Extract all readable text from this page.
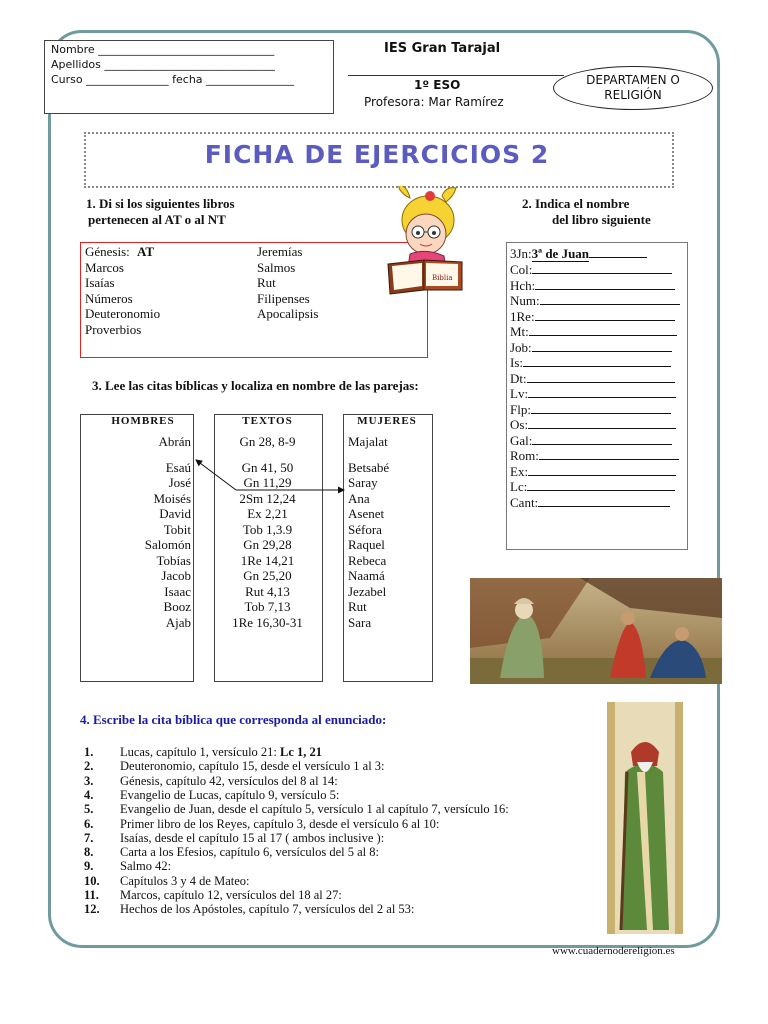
Nombre ________________________________
Apellidos _______________________________
Curso _______________ fecha ________________
IES Gran Tarajal
1º ESO
Profesora: Mar Ramírez
DEPARTAMEN O
RELIGIÓN
FICHA DE EJERCICIOS 2
1. Di si los siguientes libros
pertenecen al AT o al NT
Génesis: AT
Marcos
Isaías
Números
Deuteronomio
Proverbios
Jeremías
Salmos
Rut
Filipenses
Apocalipsis
Biblia
2. Indica el nombre
del libro siguiente
3Jn:3ª de Juan
Col:
Hch:
Num:
1Re:
Mt:
Job:
Is:
Dt:
Lv:
Flp:
Os:
Gal:
Rom:
Ex:
Lc:
Cant:
3. Lee las citas bíblicas y localiza en nombre de las parejas:
HOMBRES	TEXTOS	MUJERES
Abrán
Esaú
José
Moisés
David
Tobit
Salomón
Tobías
Jacob
Isaac
Booz
Ajab
Gn 28, 8-9
Gn 41, 50
Gn 11,29
2Sm 12,24
Ex 2,21
Tob 1,3.9
Gn 29,28
1Re 14,21
Gn 25,20
Rut 4,13
Tob 7,13
1Re 16,30-31
Majalat
Betsabé
Saray
Ana
Asenet
Séfora
Raquel
Rebeca
Naamá
Jezabel
Rut
Sara
4. Escribe la cita bíblica que corresponda al enunciado:
1. Lucas, capítulo 1, versículo 21: Lc 1, 21
2. Deuteronomio, capítulo 15, desde el versículo 1 al 3:
3. Génesis, capítulo 42, versículos del 8 al 14:
4. Evangelio de Lucas, capítulo 9, versículo 5:
5. Evangelio de Juan, desde el capítulo 5, versículo 1 al capítulo 7, versículo 16:
6. Primer libro de los Reyes, capítulo 3, desde el versículo 6 al 10:
7. Isaías, desde el capítulo 15 al 17 ( ambos inclusive ):
8. Carta a los Efesios, capítulo 6, versículos del 5 al 8:
9. Salmo 42:
10. Capítulos 3 y 4 de Mateo:
11. Marcos, capítulo 12, versículos del 18 al 27:
12. Hechos de los Apóstoles, capítulo 7, versículos del 2 al 53:
www.cuadernodereligion.es
